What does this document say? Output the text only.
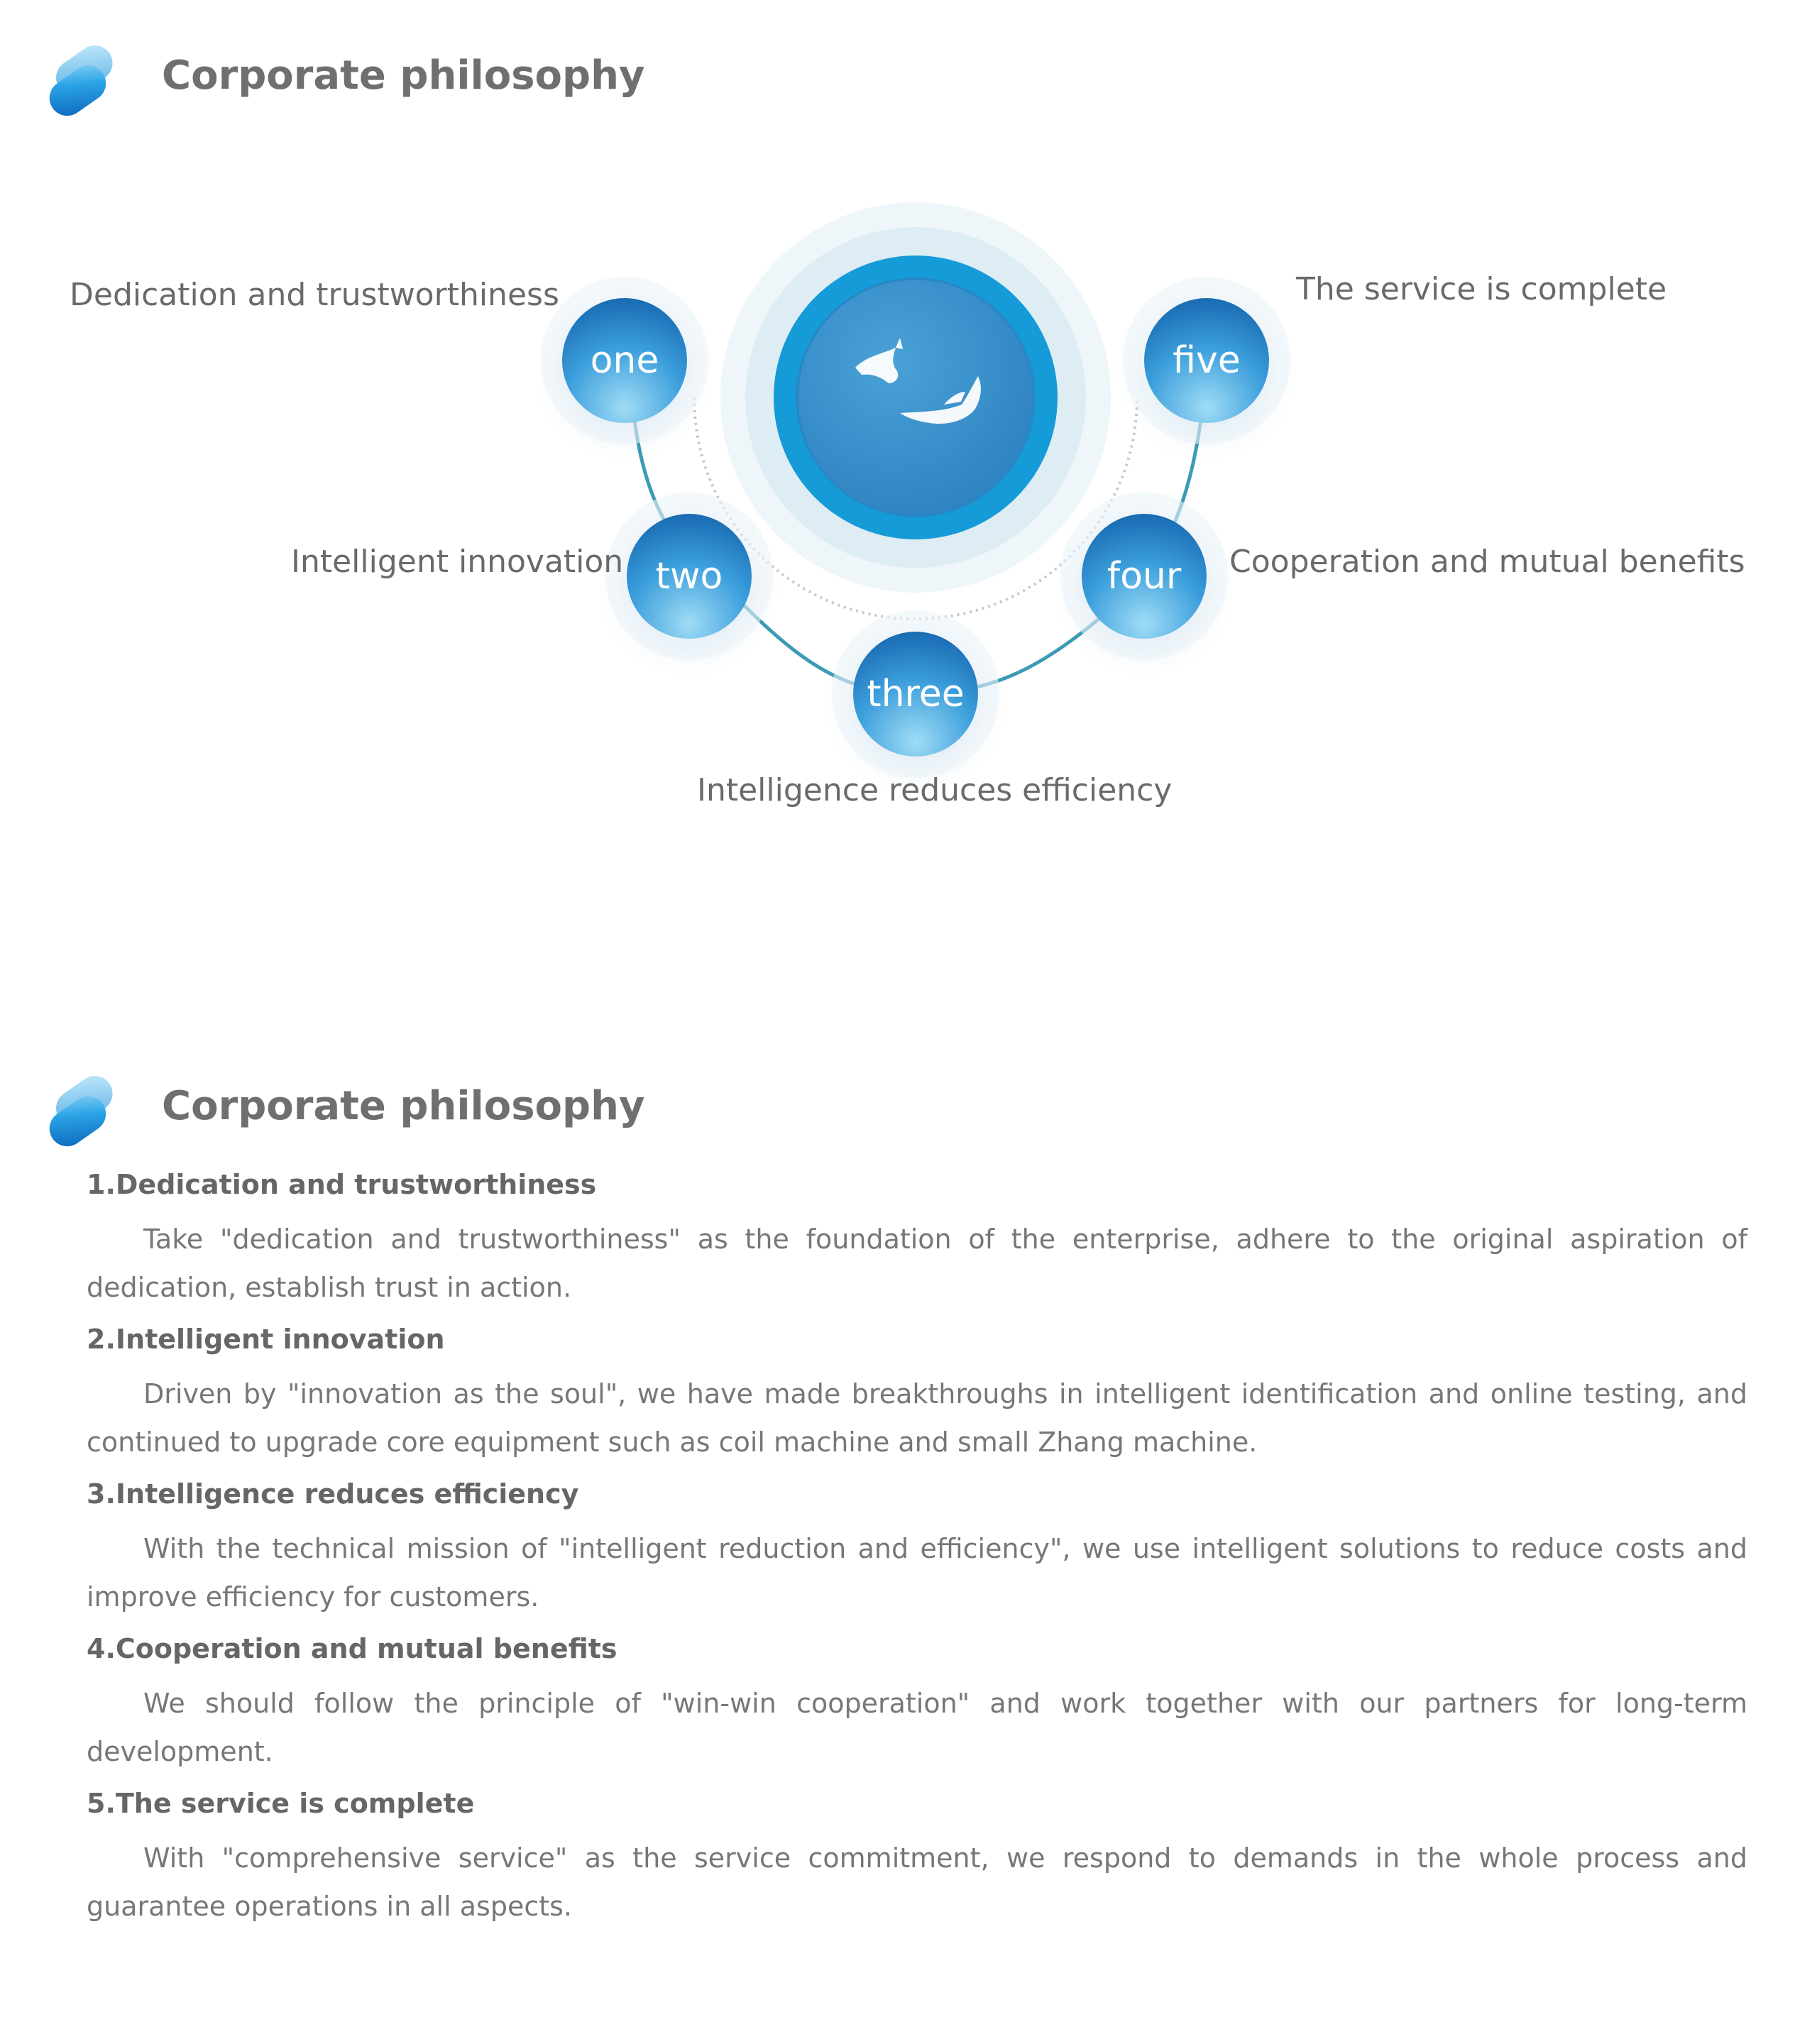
Corporate philosophy
one
two
three
four
five
Dedication and trustworthiness
Intelligent innovation
Intelligence reduces efficiency
Cooperation and mutual benefits
The service is complete
Corporate philosophy
1.Dedication and trustworthiness
Take "dedication and trustworthiness" as the foundation of the enterprise, adhere to the original aspiration of dedication, establish trust in action.
2.Intelligent innovation
Driven by "innovation as the soul", we have made breakthroughs in intelligent identification and online testing, and continued to upgrade core equipment such as coil machine and small Zhang machine.
3.Intelligence reduces efficiency
With the technical mission of "intelligent reduction and efficiency", we use intelligent solutions to reduce costs and improve efficiency for customers.
4.Cooperation and mutual benefits
We should follow the principle of "win-win cooperation" and work together with our partners for long-term development.
5.The service is complete
With "comprehensive service" as the service commitment, we respond to demands in the whole process and guarantee operations in all aspects.
